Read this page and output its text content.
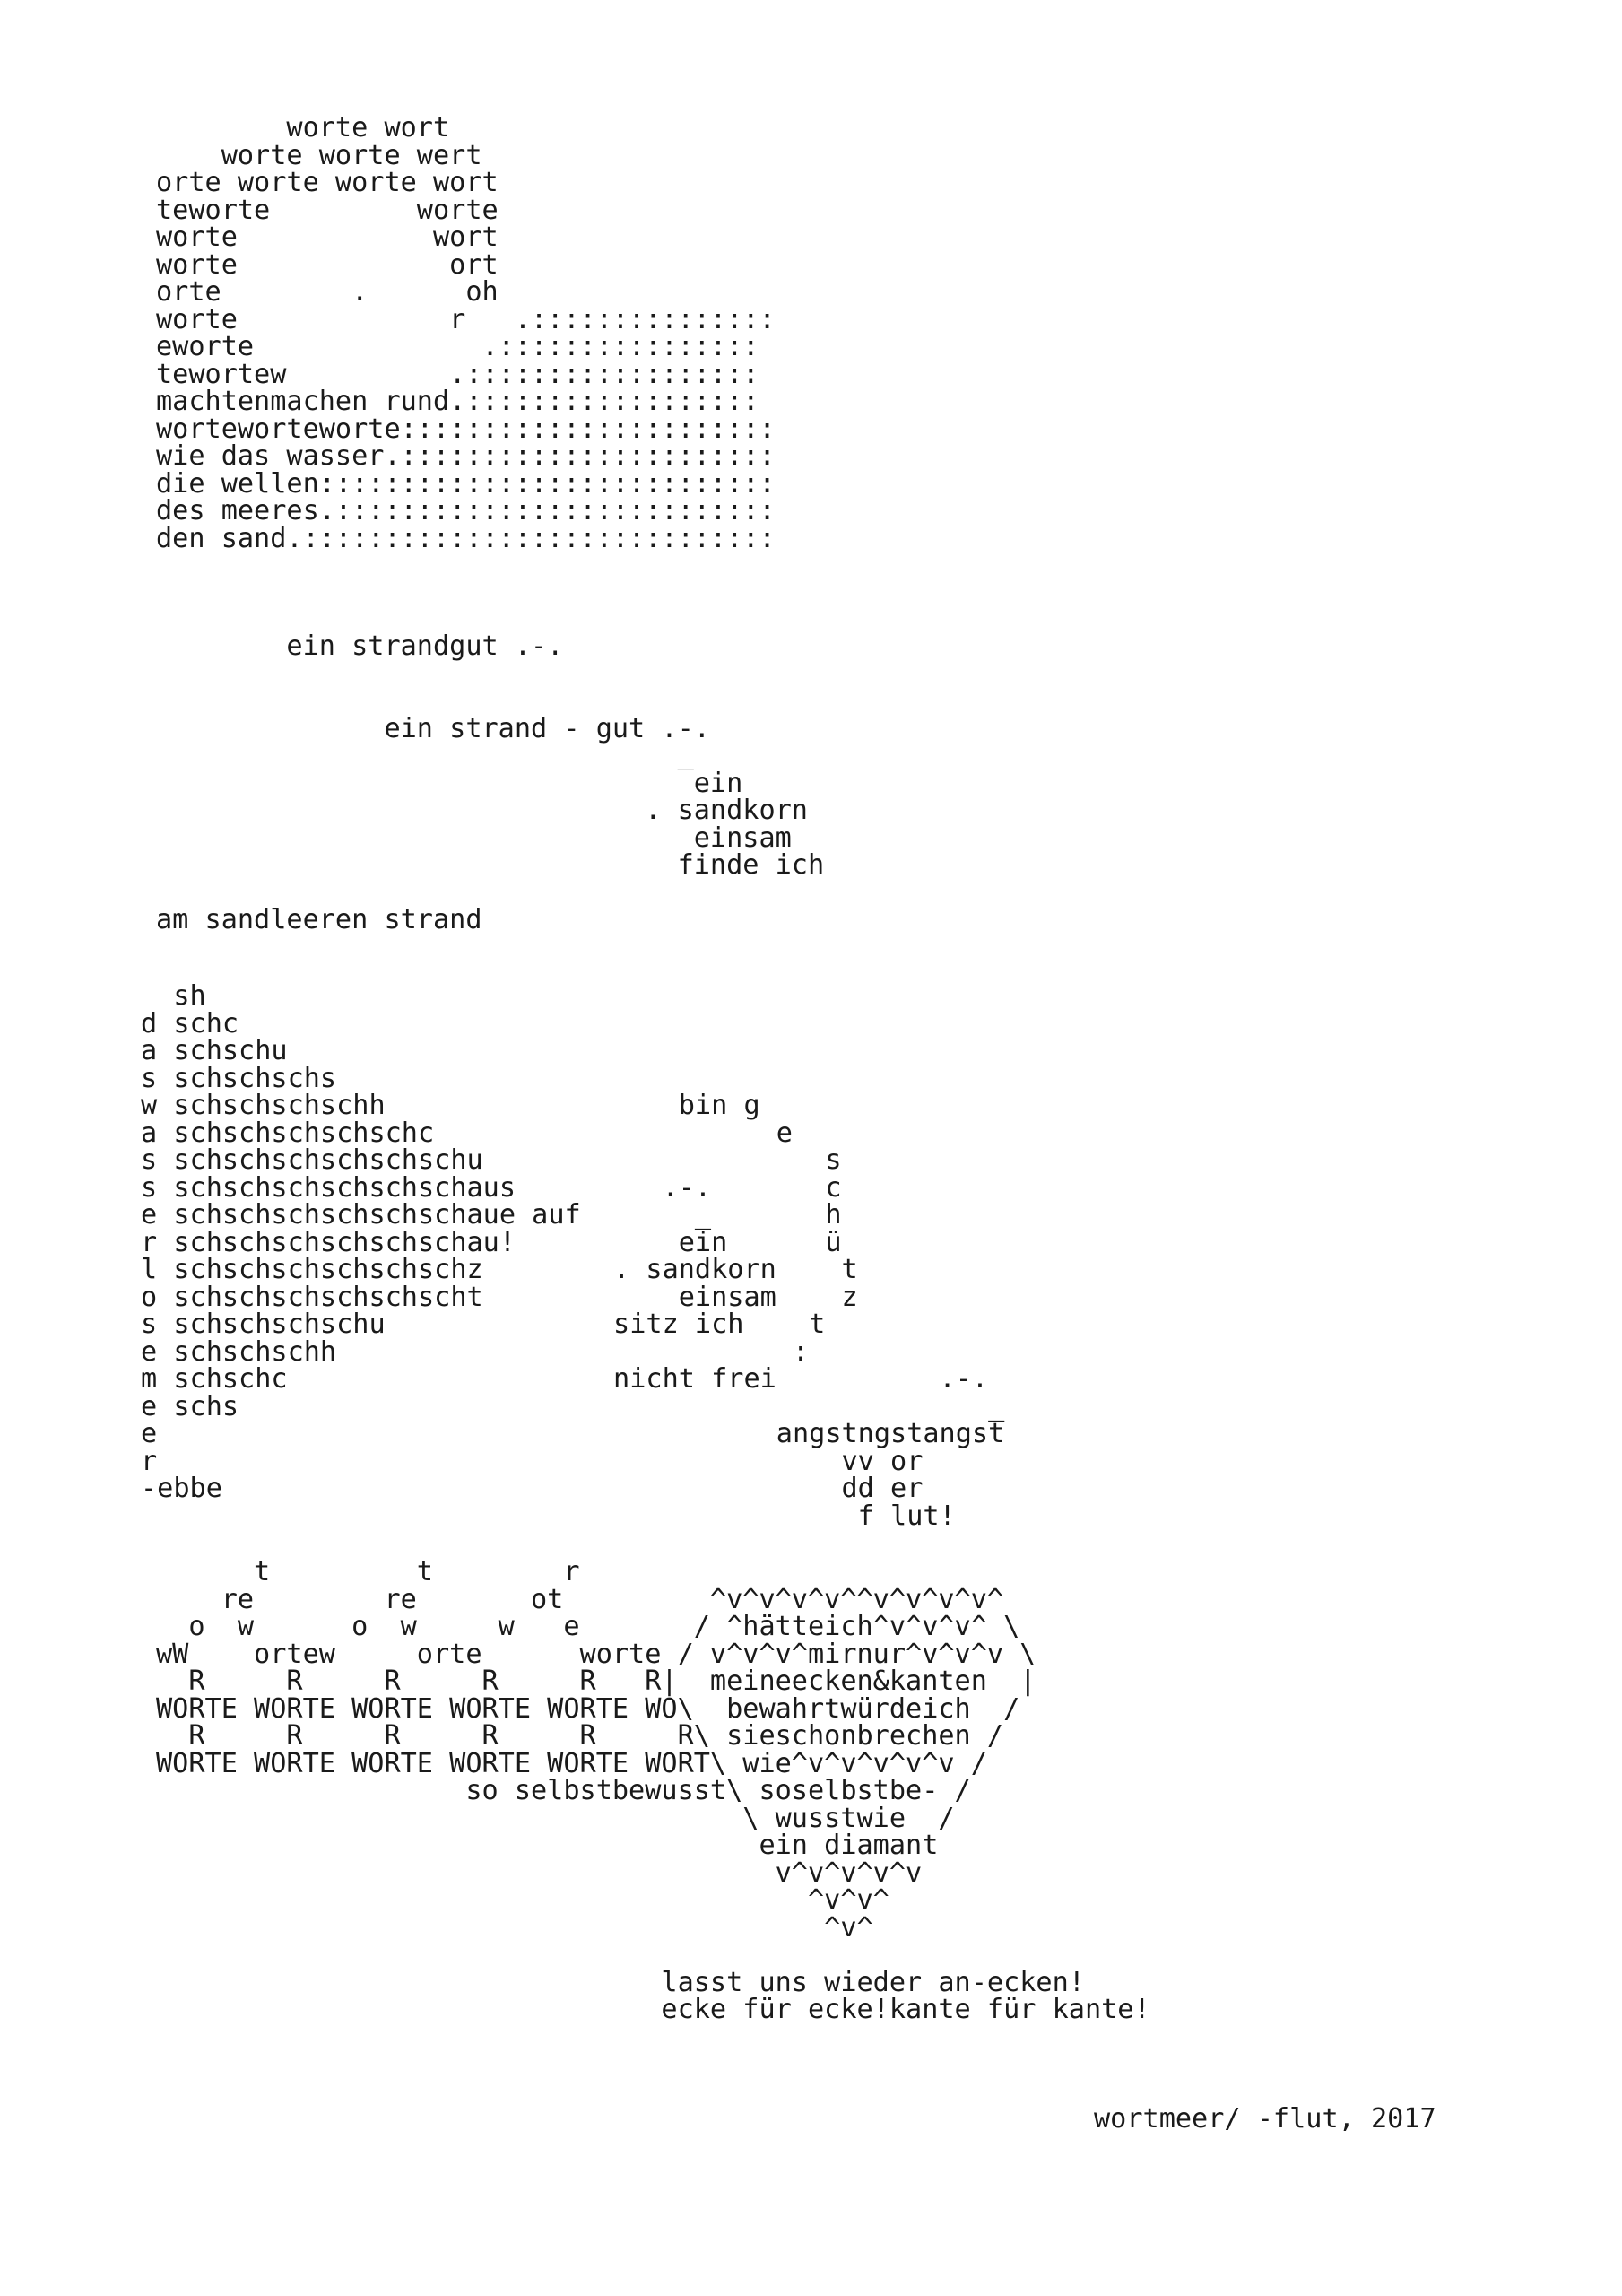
worte wort
worte worte wert
orte worte worte wort
teworte         worte
worte            wort
worte             ort
orte        .      oh
worte             r   .:::::::::::::::
eworte              .::::::::::::::::
tewortew          .::::::::::::::::::
machtenmachen rund.::::::::::::::::::
worteworteworte:::::::::::::::::::::::
wie das wasser.:::::::::::::::::::::::
die wellen::::::::::::::::::::::::::::
des meeres.:::::::::::::::::::::::::::
den sand.:::::::::::::::::::::::::::::
ein strandgut .-.

ein strand - gut .-.
_
ein
. sandkorn
einsam
finde ich

am sandleeren strand
sh
d schc
a schschu
s schschschs
w schschschschh                  bin g
a schschschschschc                     e
s schschschschschschu                     s
s schschschschschschaus         .-.       c
e schschschschschschaue auf       _       h
r schschschschschschau!          ein      ü
l schschschschschschz        . sandkorn    t
o schschschschschscht            einsam    z
s schschschschu              sitz ich    t
e schschschh                            :
m schschc                    nicht frei          .-.
e schs                                              _
e                                      angstngstangst
r                                          vv or
-ebbe                                      dd er
f lut!
t         t        r
re        re       ot         ^v^v^v^v^^v^v^v^v^
o  w      o  w     w   e       / ^hätteich^v^v^v^ \
wW    ortew     orte      worte / v^v^v^mirnur^v^v^v \
R     R     R     R     R   R|  meineecken&kanten  |
WORTE WORTE WORTE WORTE WORTE WO\  bewahrtwürdeich  /
R     R     R     R     R     R\ sieschonbrechen /
WORTE WORTE WORTE WORTE WORTE WORT\ wie^v^v^v^v^v /
so selbstbewusst\ soselbstbe- /
\ wusstwie  /
ein diamant
v^v^v^v^v
^v^v^
^v^

lasst uns wieder an-ecken!
ecke für ecke!kante für kante!
wortmeer/ -flut, 2017
